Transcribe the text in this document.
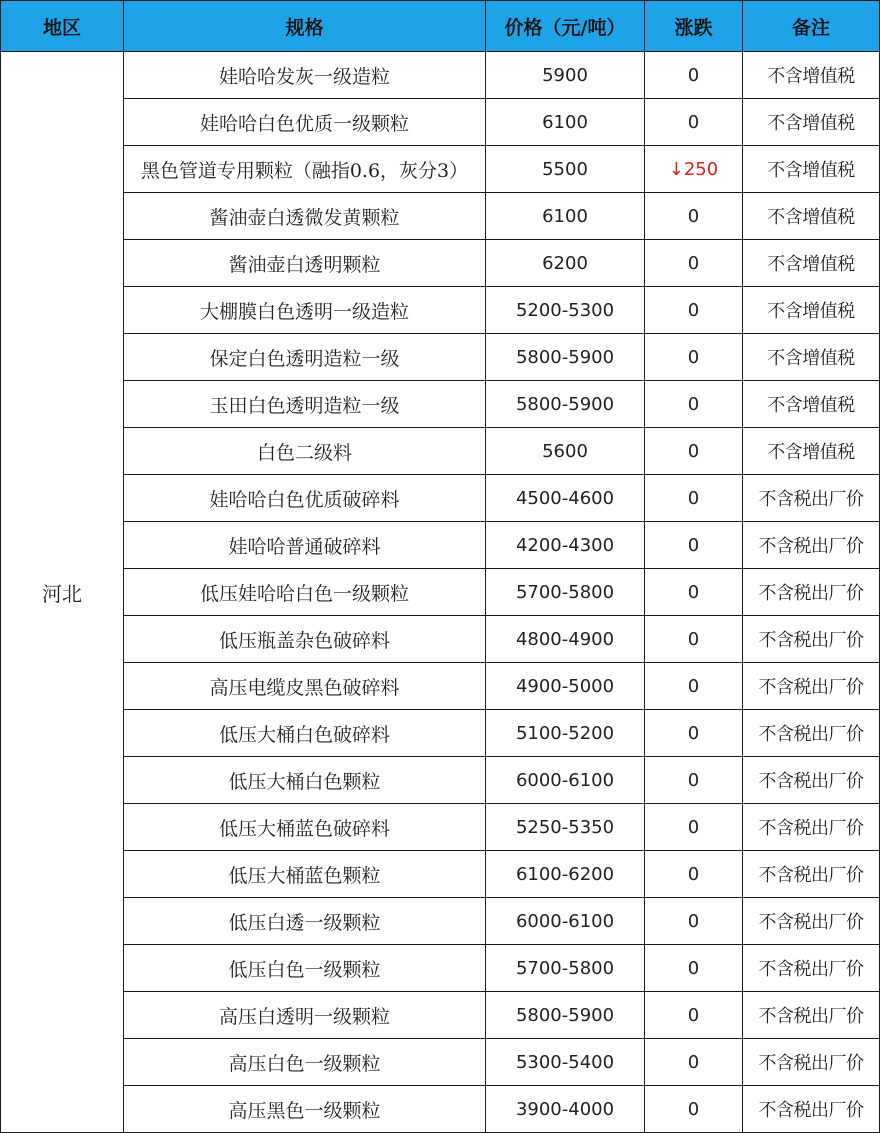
地区	规格	价格（元/吨）	涨跌	备注
河北	娃哈哈发灰一级造粒	5900	0	不含增值税
	娃哈哈白色优质一级颗粒	6100	0	不含增值税
	黑色管道专用颗粒（融指0.6，灰分3）	5500	↓250	不含增值税
	酱油壶白透微发黄颗粒	6100	0	不含增值税
	酱油壶白透明颗粒	6200	0	不含增值税
	大棚膜白色透明一级造粒	5200-5300	0	不含增值税
	保定白色透明造粒一级	5800-5900	0	不含增值税
	玉田白色透明造粒一级	5800-5900	0	不含增值税
	白色二级料	5600	0	不含增值税
	娃哈哈白色优质破碎料	4500-4600	0	不含税出厂价
	娃哈哈普通破碎料	4200-4300	0	不含税出厂价
	低压娃哈哈白色一级颗粒	5700-5800	0	不含税出厂价
	低压瓶盖杂色破碎料	4800-4900	0	不含税出厂价
	高压电缆皮黑色破碎料	4900-5000	0	不含税出厂价
	低压大桶白色破碎料	5100-5200	0	不含税出厂价
	低压大桶白色颗粒	6000-6100	0	不含税出厂价
	低压大桶蓝色破碎料	5250-5350	0	不含税出厂价
	低压大桶蓝色颗粒	6100-6200	0	不含税出厂价
	低压白透一级颗粒	6000-6100	0	不含税出厂价
	低压白色一级颗粒	5700-5800	0	不含税出厂价
	高压白透明一级颗粒	5800-5900	0	不含税出厂价
	高压白色一级颗粒	5300-5400	0	不含税出厂价
	高压黑色一级颗粒	3900-4000	0	不含税出厂价
